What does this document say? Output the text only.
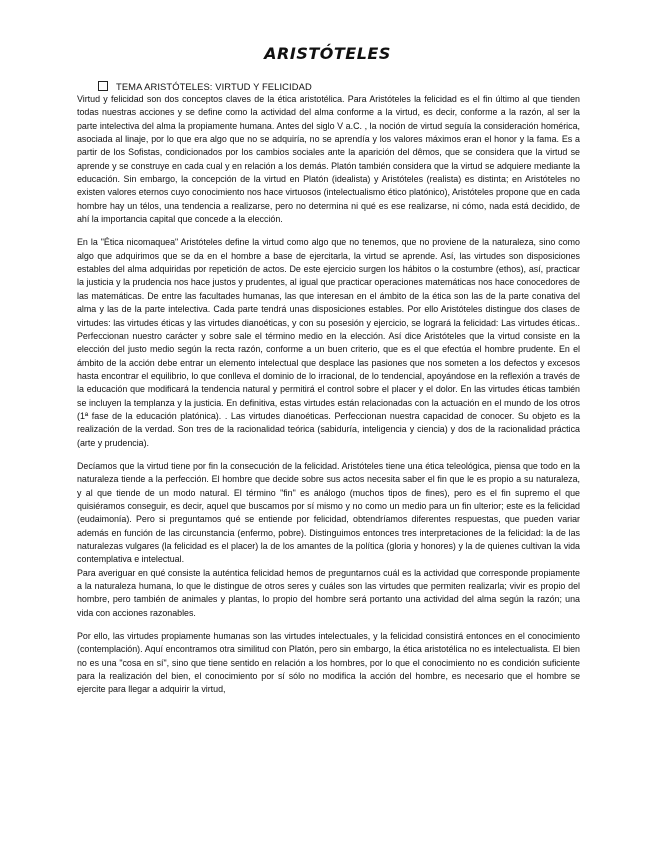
ARISTÓTELES
TEMA ARISTÓTELES: VIRTUD Y FELICIDAD

Virtud y felicidad son dos conceptos claves de la ética aristotélica. Para Aristóteles la felicidad es el fin último al que tienden todas nuestras acciones y se define como la actividad del alma conforme a la virtud, es decir, conforme a la razón, al ser la parte intelectiva del alma la propiamente humana. Antes del siglo V a.C. , la noción de virtud seguía la consideración homérica, asociada al linaje, por lo que era algo que no se adquiría, no se aprendía y los valores máximos eran el honor y la fama. Es a partir de los Sofistas, condicionados por los cambios sociales ante la aparición del dêmos, que se considera que la virtud se aprende y se construye en cada cual y en relación a los demás. Platón también considera que la virtud se adquiere mediante la educación. Sin embargo, la concepción de la virtud en Platón (idealista) y Aristóteles (realista) es distinta; en Aristóteles no existen valores eternos cuyo conocimiento nos hace virtuosos (intelectualismo ético platónico), Aristóteles propone que en cada hombre hay un télos, una tendencia a realizarse, pero no determina ni qué es ese realizarse, ni cómo, nada está decidido, de ahí la importancia capital que concede a la elección.

En la "Ética nicomaquea" Aristóteles define la virtud como algo que no tenemos, que no proviene de la naturaleza, sino como algo que adquirimos que se da en el hombre a base de ejercitarla, la virtud se aprende. Así, las virtudes son disposiciones estables del alma adquiridas por repetición de actos. De este ejercicio surgen los hábitos o la costumbre (ethos), así, practicar la justicia y la prudencia nos hace justos y prudentes, al igual que practicar operaciones matemáticas nos hace conocedores de las matemáticas. De entre las facultades humanas, las que interesan en el ámbito de la ética son las de la parte conativa del alma y las de la parte intelectiva. Cada parte tendrá unas disposiciones estables. Por ello Aristóteles distingue dos clases de virtudes: las virtudes éticas y las virtudes dianoéticas, y con su posesión y ejercicio, se logrará la felicidad: Las virtudes éticas.. Perfeccionan nuestro carácter y sobre sale el término medio en la elección. Así dice Aristóteles que la virtud consiste en la elección del justo medio según la recta razón, conforme a un buen criterio, que es el que efectúa el hombre prudente. En el ámbito de la acción debe entrar un elemento intelectual que desplace las pasiones que nos someten a los defectos y excesos hasta encontrar el equilibrio, lo que conlleva el dominio de lo irracional, de lo tendencial, apoyándose en la reflexión a través de la educación que modificará la tendencia natural y permitirá el control sobre el placer y el dolor. En las virtudes éticas también se incluyen la templanza y la justicia. En definitiva, estas virtudes están relacionadas con la actuación en el mundo de los otros (1ª fase de la educación platónica). . Las virtudes dianoéticas. Perfeccionan nuestra capacidad de conocer. Su objeto es la realización de la verdad. Son tres de la racionalidad teórica (sabiduría, inteligencia y ciencia) y dos de la racionalidad práctica (arte y prudencia).

Decíamos que la virtud tiene por fin la consecución de la felicidad. Aristóteles tiene una ética teleológica, piensa que todo en la naturaleza tiende a la perfección. El hombre que decide sobre sus actos necesita saber el fin que le es propio a su naturaleza, y al que tiende de un modo natural. El término "fin" es análogo (muchos tipos de fines), pero es el fin supremo el que quisiéramos conseguir, es decir, aquel que buscamos por sí mismo y no como un medio para un fin ulterior; este es la felicidad (eudaimonía). Pero si preguntamos qué se entiende por felicidad, obtendríamos diferentes respuestas, que pueden variar además en función de las circunstancia (enfermo, pobre). Distinguimos entonces tres interpretaciones de la felicidad: la de las naturalezas vulgares (la felicidad es el placer) la de los amantes de la política (gloria y honores) y la de quienes cultivan la vida contemplativa e intelectual.

Para averiguar en qué consiste la auténtica felicidad hemos de preguntarnos cuál es la actividad que corresponde propiamente a la naturaleza humana, lo que le distingue de otros seres y cuáles son las virtudes que permiten realizarla; vivir es propio del hombre, pero también de animales y plantas, lo propio del hombre será portanto una actividad del alma según la razón; una vida con acciones razonables.

Por ello, las virtudes propiamente humanas son las virtudes intelectuales, y la felicidad consistirá entonces en el conocimiento (contemplación). Aquí encontramos otra similitud con Platón, pero sin embargo, la ética aristotélica no es intelectualista. El bien no es una "cosa en sí", sino que tiene sentido en relación a los hombres, por lo que el conocimiento no es condición suficiente para la realización del bien, el conocimiento por sí sólo no modifica la acción del hombre, es necesario que el hombre se ejercite para llegar a adquirir la virtud,
